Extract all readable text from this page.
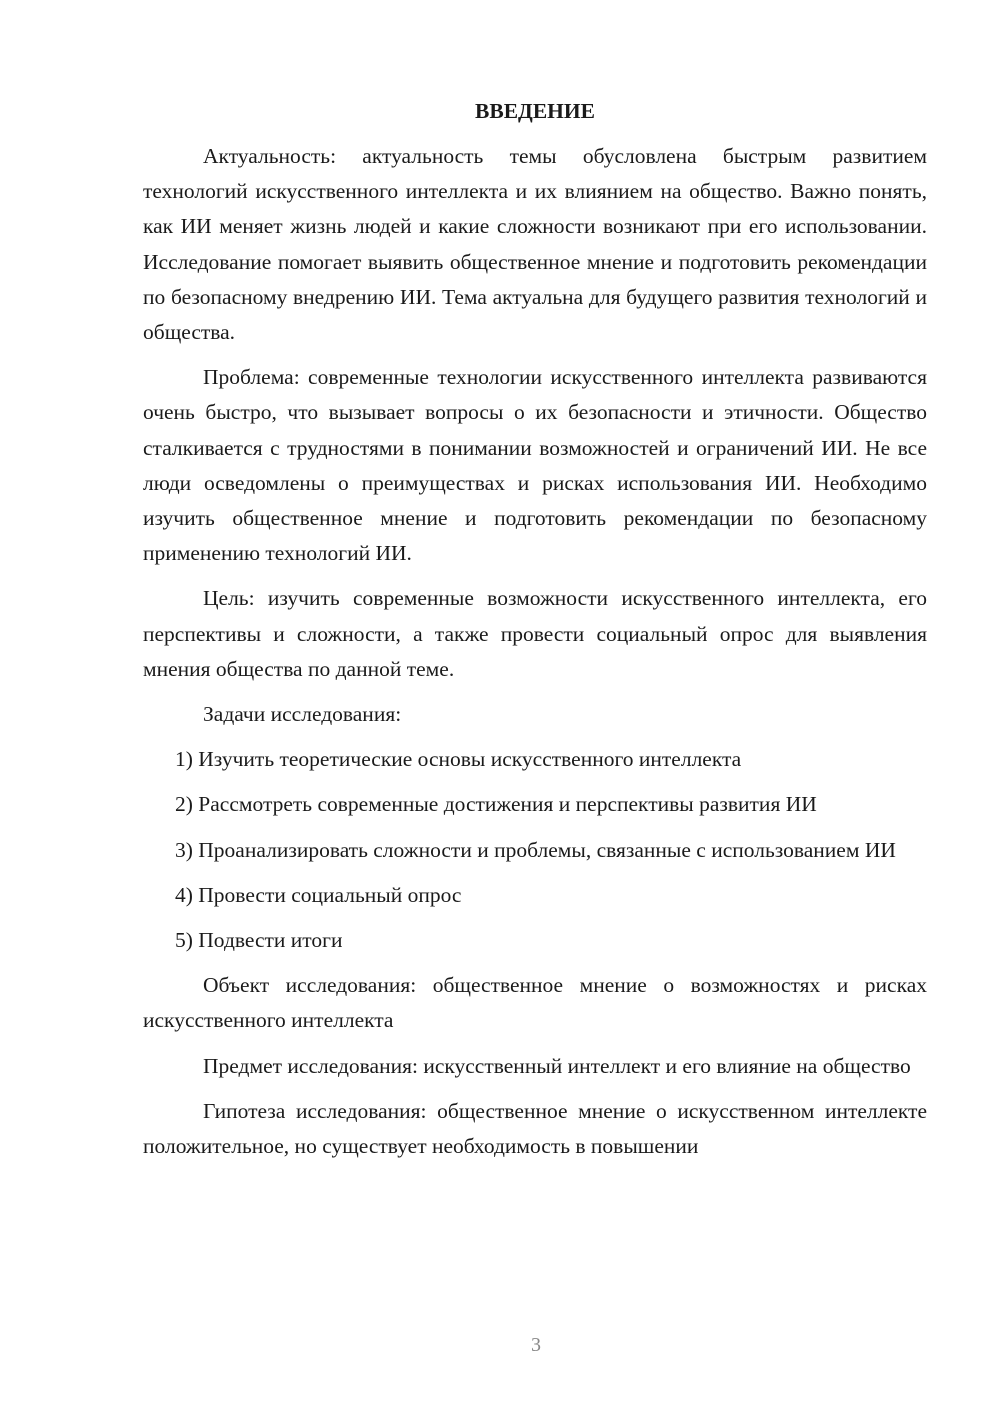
ВВЕДЕНИЕ

Актуальность: актуальность темы обусловлена быстрым развитием технологий искусственного интеллекта и их влиянием на общество. Важно понять, как ИИ меняет жизнь людей и какие сложности возникают при его использовании. Исследование помогает выявить общественное мнение и подготовить рекомендации по безопасному внедрению ИИ. Тема актуальна для будущего развития технологий и общества.

Проблема: современные технологии искусственного интеллекта развиваются очень быстро, что вызывает вопросы о их безопасности и этичности. Общество сталкивается с трудностями в понимании возможностей и ограничений ИИ. Не все люди осведомлены о преимуществах и рисках использования ИИ. Необходимо изучить общественное мнение и подготовить рекомендации по безопасному применению технологий ИИ.

Цель: изучить современные возможности искусственного интеллекта, его перспективы и сложности, а также провести социальный опрос для выявления мнения общества по данной теме.

Задачи исследования:

1) Изучить теоретические основы искусственного интеллекта

2) Рассмотреть современные достижения и перспективы развития ИИ

3) Проанализировать сложности и проблемы, связанные с использованием ИИ

4) Провести социальный опрос

5) Подвести итоги

Объект исследования: общественное мнение о возможностях и рисках искусственного интеллекта

Предмет исследования: искусственный интеллект и его влияние на общество

Гипотеза исследования: общественное мнение о искусственном интеллекте положительное, но существует необходимость в повышении

3
